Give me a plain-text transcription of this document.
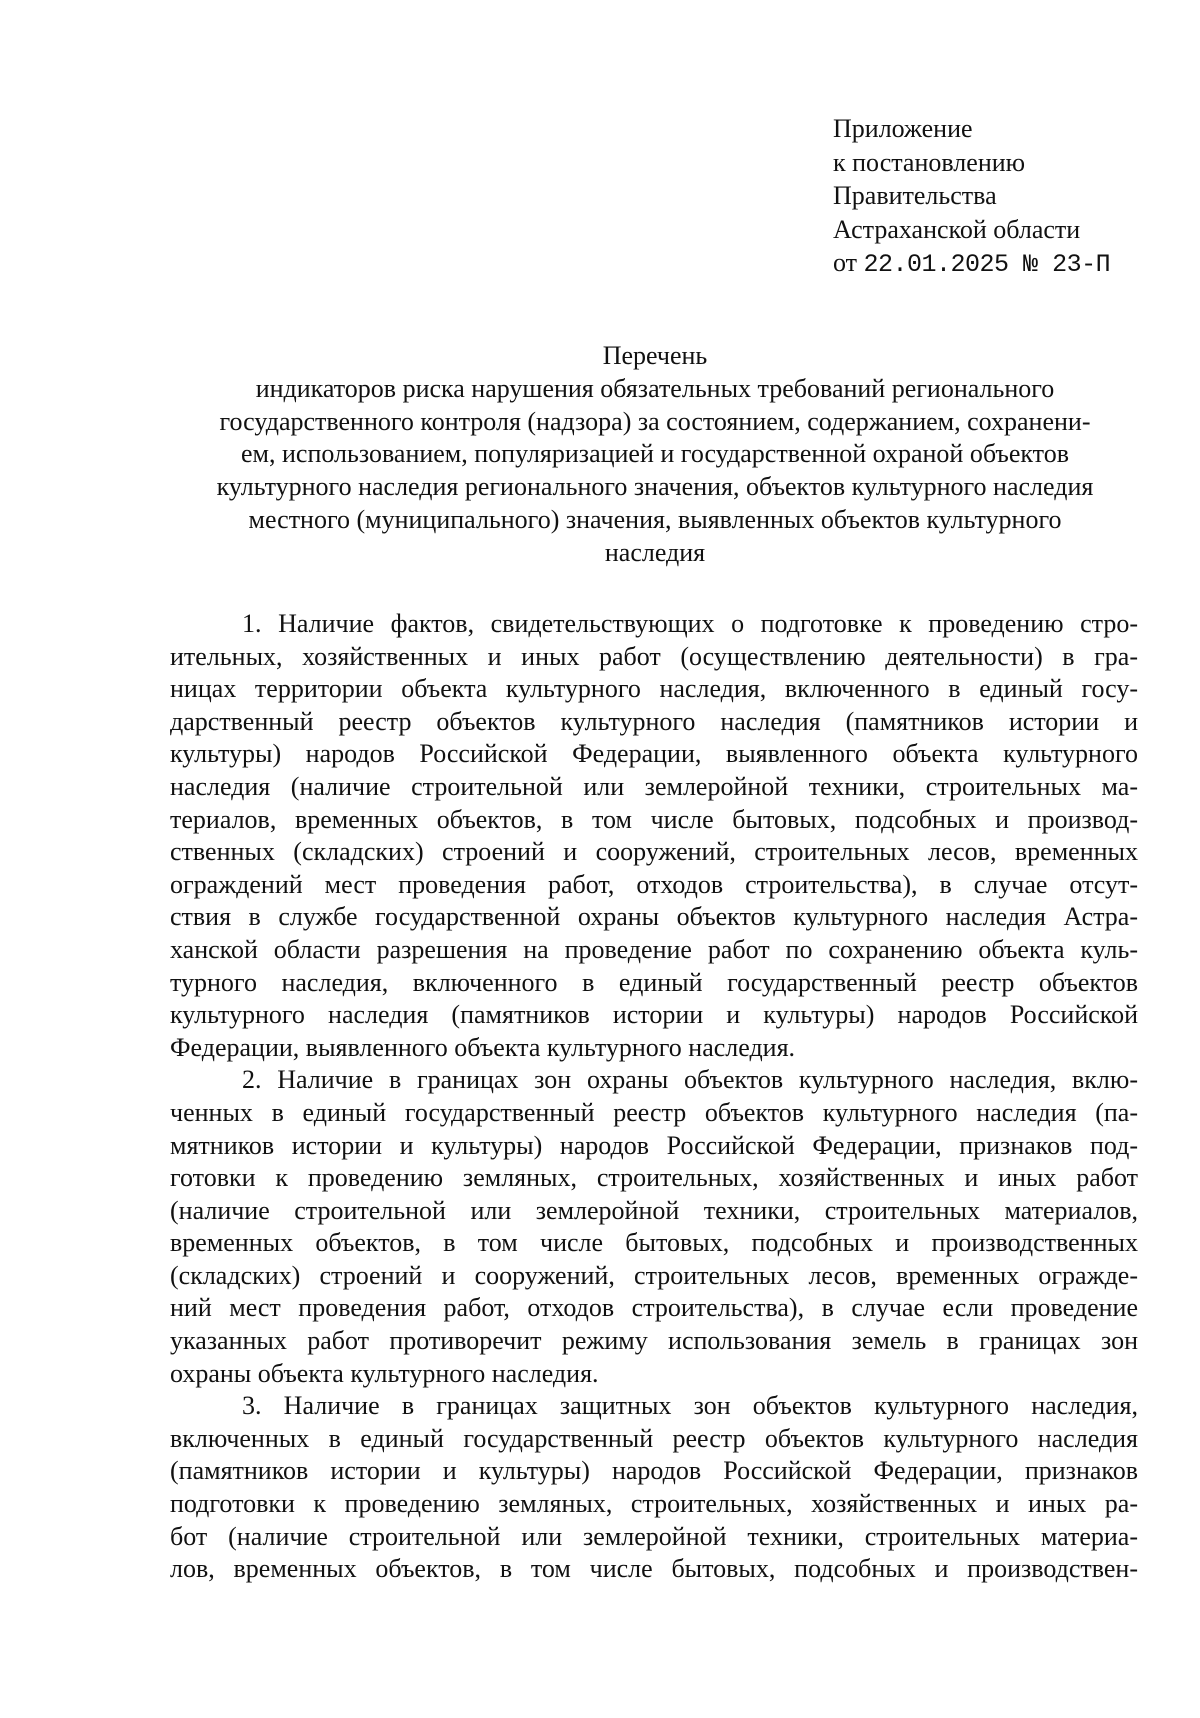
Приложение
к постановлению
Правительства
Астраханской области
от 22.01.2025 № 23-П
Перечень
индикаторов риска нарушения обязательных требований регионального
государственного контроля (надзора) за состоянием, содержанием, сохранени-
ем, использованием, популяризацией и государственной охраной объектов
культурного наследия регионального значения, объектов культурного наследия
местного (муниципального) значения, выявленных объектов культурного
наследия
1. Наличие фактов, свидетельствующих о подготовке к проведению стро-
ительных, хозяйственных и иных работ (осуществлению деятельности) в гра-
ницах территории объекта культурного наследия, включенного в единый госу-
дарственный реестр объектов культурного наследия (памятников истории и
культуры) народов Российской Федерации, выявленного объекта культурного
наследия (наличие строительной или землеройной техники, строительных ма-
териалов, временных объектов, в том числе бытовых, подсобных и производ-
ственных (складских) строений и сооружений, строительных лесов, временных
ограждений мест проведения работ, отходов строительства), в случае отсут-
ствия в службе государственной охраны объектов культурного наследия Астра-
ханской области разрешения на проведение работ по сохранению объекта куль-
турного наследия, включенного в единый государственный реестр объектов
культурного наследия (памятников истории и культуры) народов Российской
Федерации, выявленного объекта культурного наследия.
2. Наличие в границах зон охраны объектов культурного наследия, вклю-
ченных в единый государственный реестр объектов культурного наследия (па-
мятников истории и культуры) народов Российской Федерации, признаков под-
готовки к проведению земляных, строительных, хозяйственных и иных работ
(наличие строительной или землеройной техники, строительных материалов,
временных объектов, в том числе бытовых, подсобных и производственных
(складских) строений и сооружений, строительных лесов, временных огражде-
ний мест проведения работ, отходов строительства), в случае если проведение
указанных работ противоречит режиму использования земель в границах зон
охраны объекта культурного наследия.
3. Наличие в границах защитных зон объектов культурного наследия,
включенных в единый государственный реестр объектов культурного наследия
(памятников истории и культуры) народов Российской Федерации, признаков
подготовки к проведению земляных, строительных, хозяйственных и иных ра-
бот (наличие строительной или землеройной техники, строительных материа-
лов, временных объектов, в том числе бытовых, подсобных и производствен-
